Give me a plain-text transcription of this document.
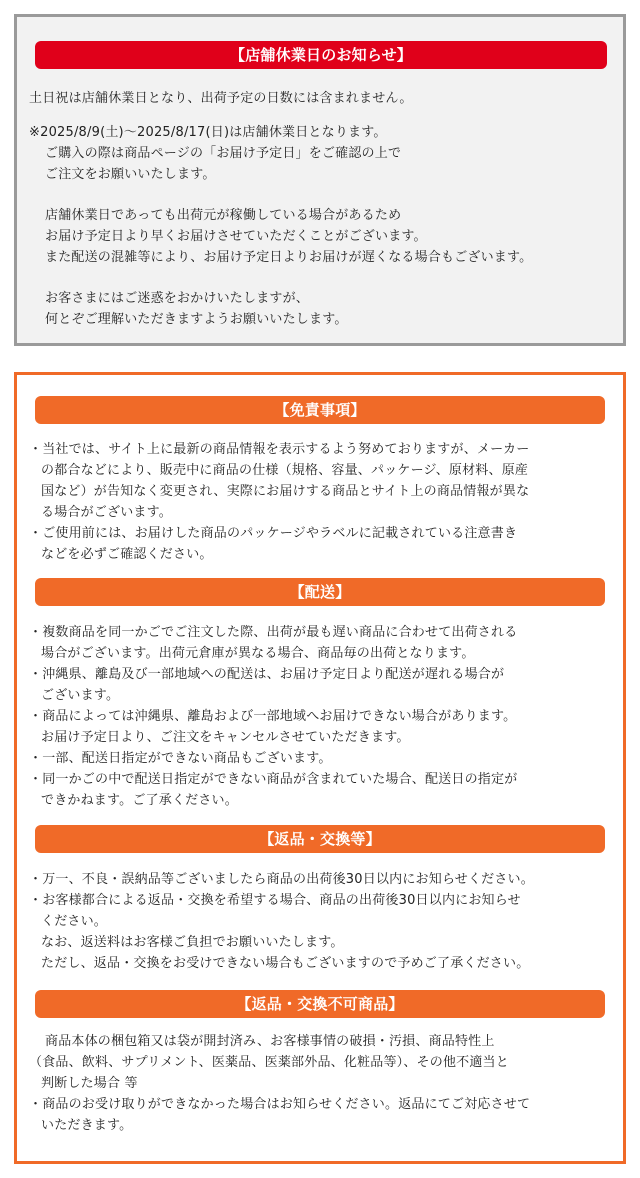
【店舗休業日のお知らせ】

土日祝は店舗休業日となり、出荷予定の日数には含まれません。

※2025/8/9(土)～2025/8/17(日)は店舗休業日となります。

ご購入の際は商品ページの「お届け予定日」をご確認の上で

ご注文をお願いいたします。

店舗休業日であっても出荷元が稼働している場合があるため

お届け予定日より早くお届けさせていただくことがございます。

また配送の混雑等により、お届け予定日よりお届けが遅くなる場合もございます。

お客さまにはご迷惑をおかけいたしますが、

何とぞご理解いただきますようお願いいたします。

【免責事項】

・当社では、サイト上に最新の商品情報を表示するよう努めておりますが、メーカー

の都合などにより、販売中に商品の仕様（規格、容量、パッケージ、原材料、原産

国など）が告知なく変更され、実際にお届けする商品とサイト上の商品情報が異な

る場合がございます。

・ご使用前には、お届けした商品のパッケージやラベルに記載されている注意書き

などを必ずご確認ください。

【配送】

・複数商品を同一かごでご注文した際、出荷が最も遅い商品に合わせて出荷される

場合がございます。出荷元倉庫が異なる場合、商品毎の出荷となります。

・沖縄県、離島及び一部地域への配送は、お届け予定日より配送が遅れる場合が

ございます。

・商品によっては沖縄県、離島および一部地域へお届けできない場合があります。

お届け予定日より、ご注文をキャンセルさせていただきます。

・一部、配送日指定ができない商品もございます。

・同一かごの中で配送日指定ができない商品が含まれていた場合、配送日の指定が

できかねます。ご了承ください。

【返品・交換等】

・万一、不良・誤納品等ございましたら商品の出荷後30日以内にお知らせください。

・お客様都合による返品・交換を希望する場合、商品の出荷後30日以内にお知らせ

ください。

なお、返送料はお客様ご負担でお願いいたします。

ただし、返品・交換をお受けできない場合もございますので予めご了承ください。

【返品・交換不可商品】

商品本体の梱包箱又は袋が開封済み、お客様事情の破損・汚損、商品特性上

（食品、飲料、サプリメント、医薬品、医薬部外品、化粧品等）、その他不適当と

判断した場合 等

・商品のお受け取りができなかった場合はお知らせください。返品にてご対応させて

いただきます。
